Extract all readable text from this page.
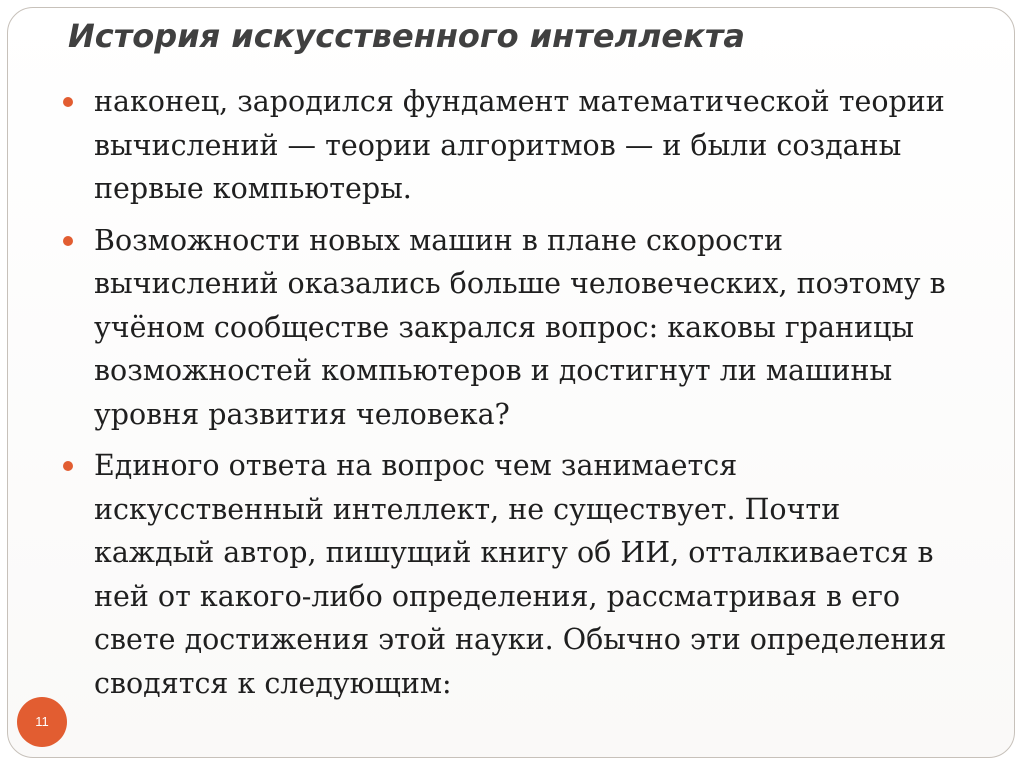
История искусственного интеллекта
наконец, зародился фундамент математической теории вычислений — теории алгоритмов — и были созданы первые компьютеры.
Возможности новых машин в плане скорости вычислений оказались больше человеческих, поэтому в учёном сообществе закрался вопрос: каковы границы возможностей компьютеров и достигнут ли машины уровня развития человека?
Единого ответа на вопрос чем занимается искусственный интеллект, не существует. Почти каждый автор, пишущий книгу об ИИ, отталкивается в ней от какого-либо определения, рассматривая в его свете достижения этой науки. Обычно эти определения сводятся к следующим:
11
